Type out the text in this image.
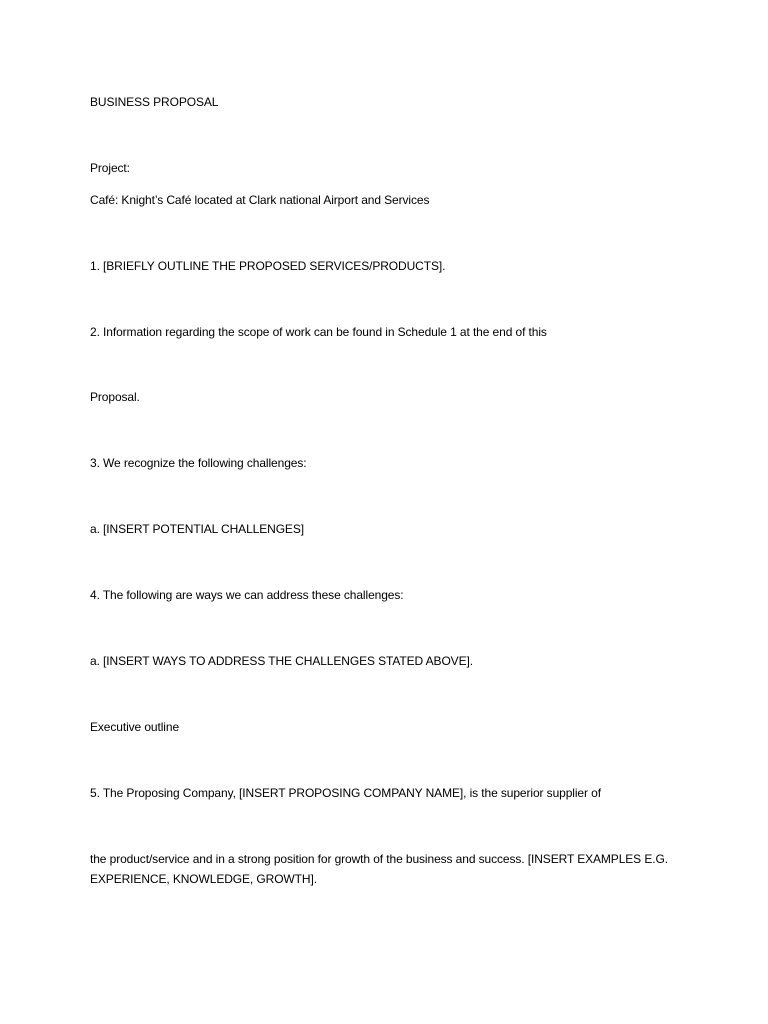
BUSINESS PROPOSAL
Project:
Café: Knight’s Café located at Clark national Airport and Services
1. [BRIEFLY OUTLINE THE PROPOSED SERVICES/PRODUCTS].
2. Information regarding the scope of work can be found in Schedule 1 at the end of this
Proposal.
3. We recognize the following challenges:
a. [INSERT POTENTIAL CHALLENGES]
4. The following are ways we can address these challenges:
a. [INSERT WAYS TO ADDRESS THE CHALLENGES STATED ABOVE].
Executive outline
5. The Proposing Company, [INSERT PROPOSING COMPANY NAME], is the superior supplier of
the product/service and in a strong position for growth of the business and success. [INSERT EXAMPLES E.G. EXPERIENCE, KNOWLEDGE, GROWTH].
